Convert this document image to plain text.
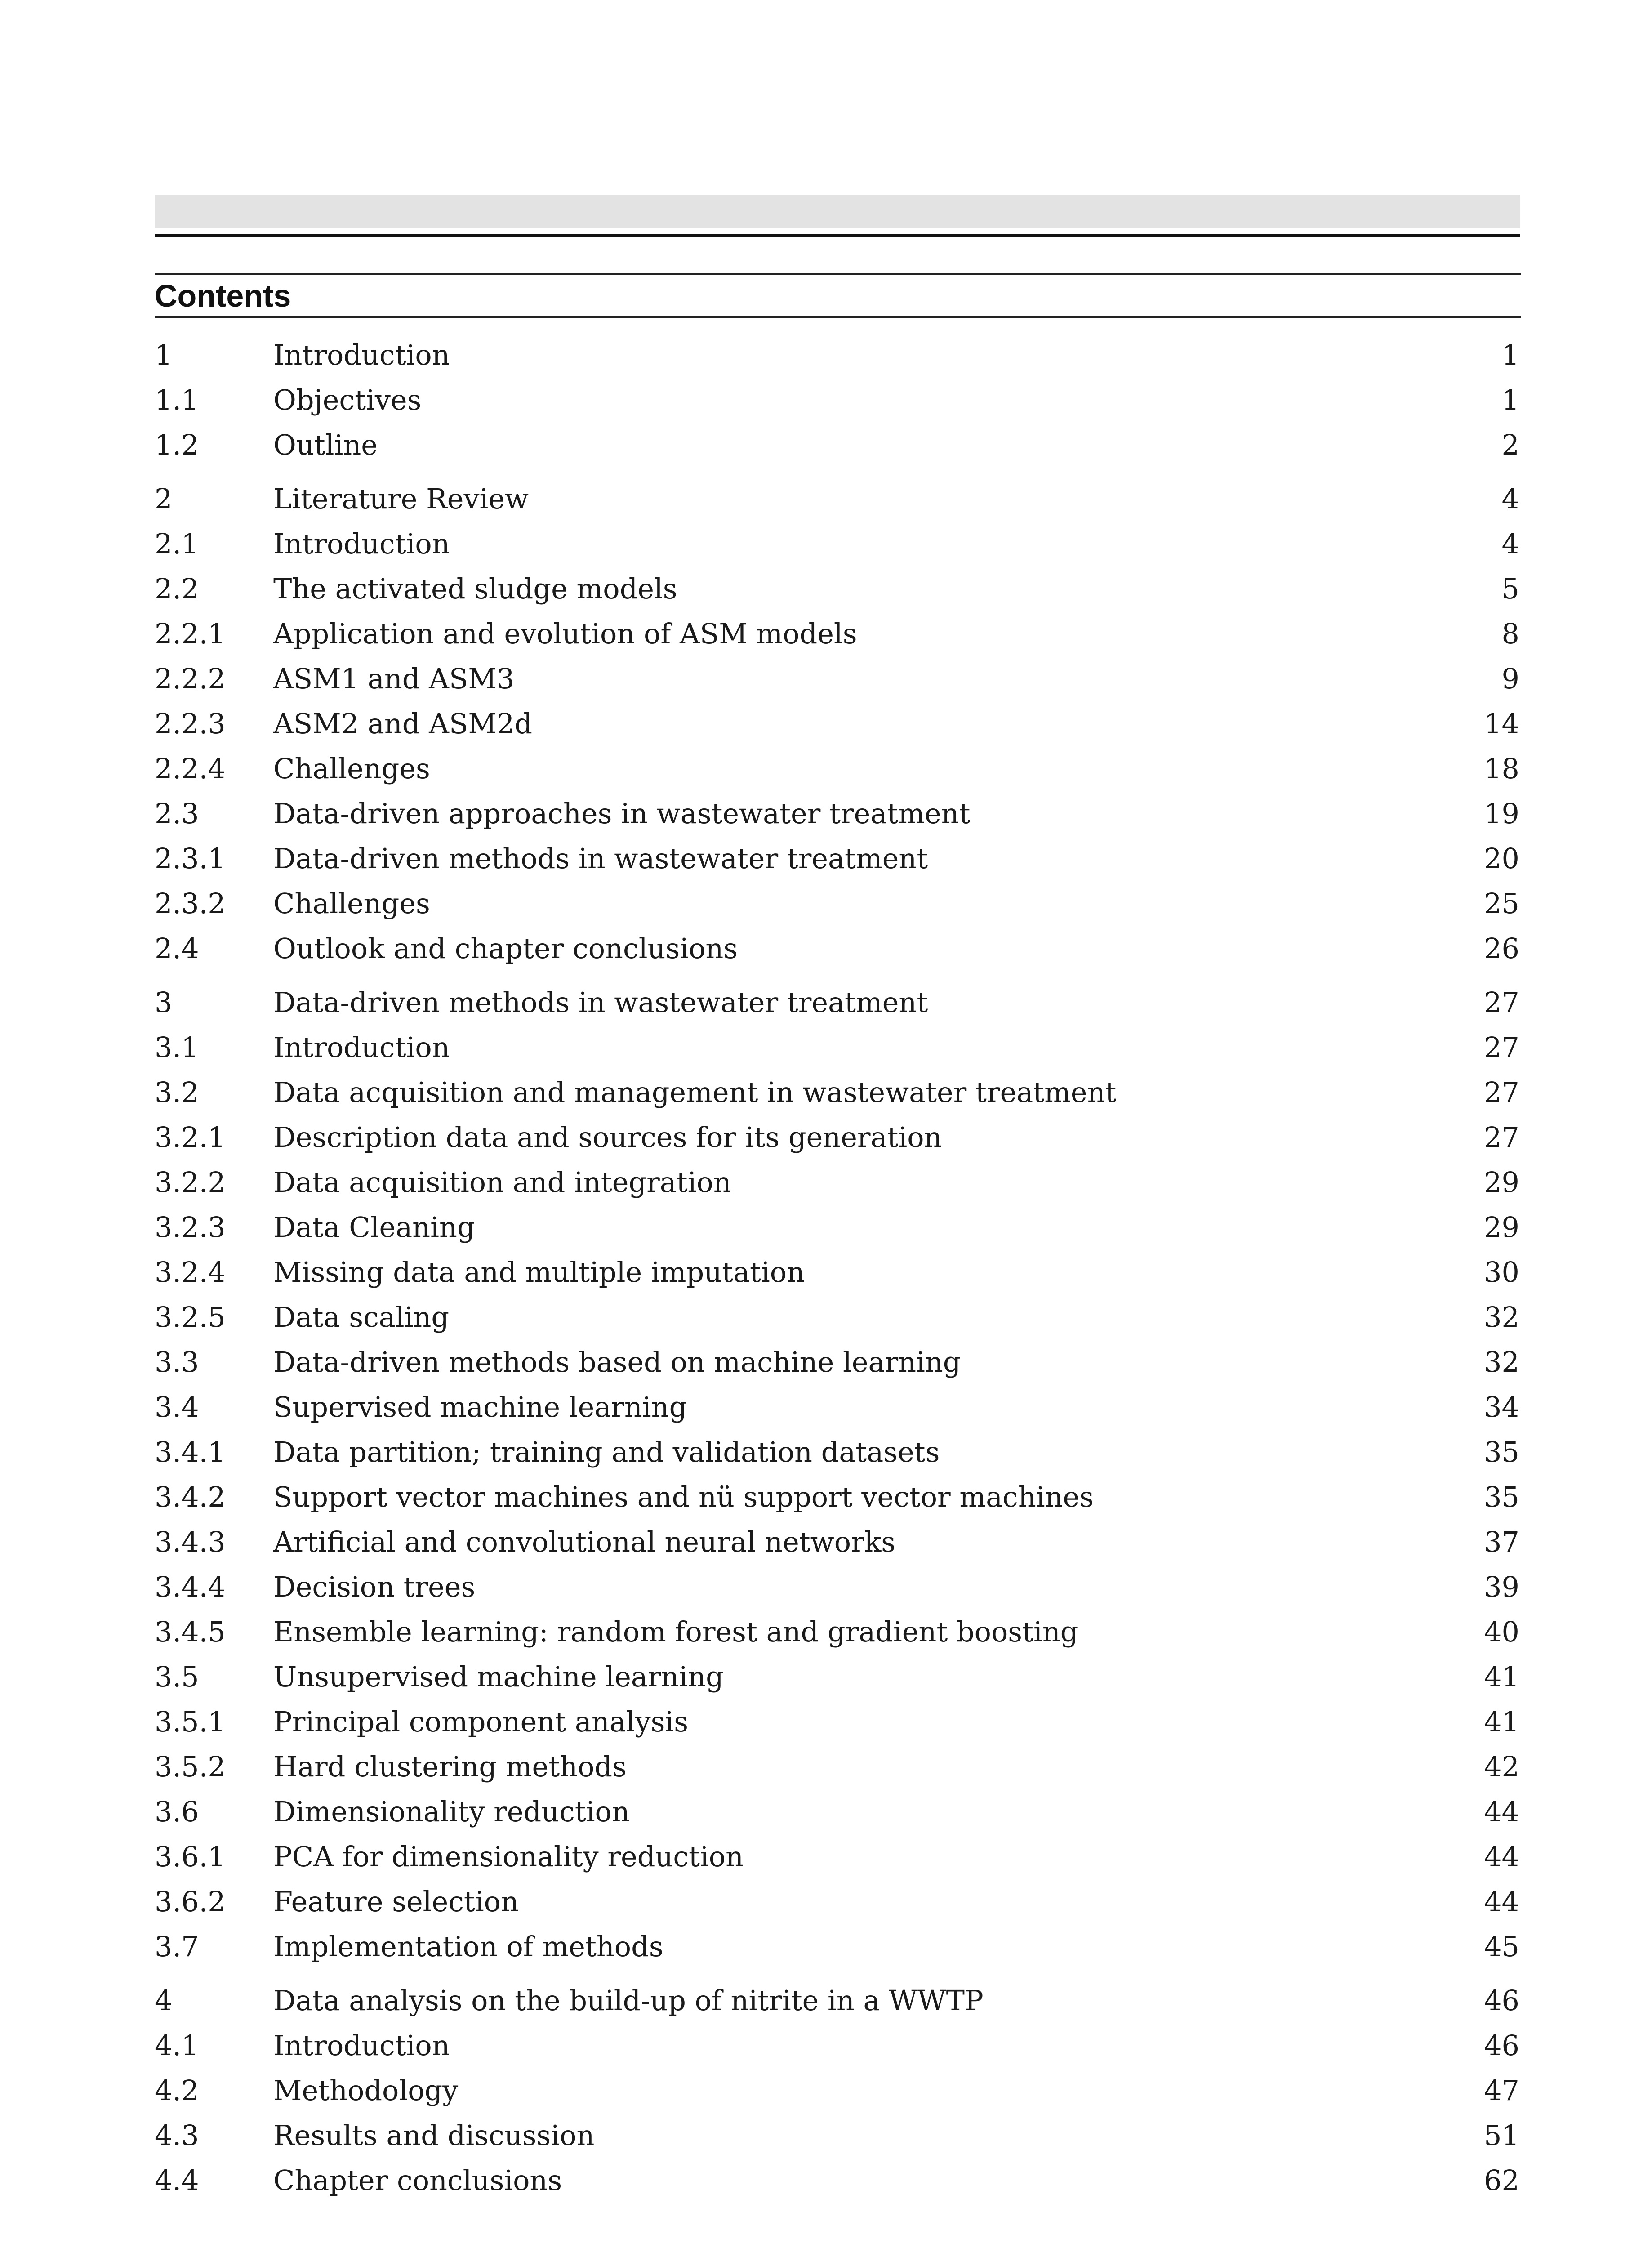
Contents
1	Introduction	1
1.1	Objectives	1
1.2	Outline	2
2	Literature Review	4
2.1	Introduction	4
2.2	The activated sludge models	5
2.2.1 Application and evolution of ASM models	8
2.2.2 ASM1 and ASM3	9
2.2.3 ASM2 and ASM2d	14
2.2.4 Challenges	18
2.3	Data-driven approaches in wastewater treatment	19
2.3.1 Data-driven methods in wastewater treatment	20
2.3.2 Challenges	25
2.4	Outlook and chapter conclusions	26
3	Data-driven methods in wastewater treatment	27
3.1	Introduction	27
3.2	Data acquisition and management in wastewater treatment	27
3.2.1 Description data and sources for its generation	27
3.2.2 Data acquisition and integration	29
3.2.3 Data Cleaning	29
3.2.4 Missing data and multiple imputation	30
3.2.5 Data scaling	32
3.3	Data-driven methods based on machine learning	32
3.4	Supervised machine learning	34
3.4.1 Data partition; training and validation datasets	35
3.4.2 Support vector machines and nü support vector machines	35
3.4.3 Artificial and convolutional neural networks	37
3.4.4 Decision trees	39
3.4.5 Ensemble learning: random forest and gradient boosting	40
3.5	Unsupervised machine learning	41
3.5.1 Principal component analysis	41
3.5.2 Hard clustering methods	42
3.6	Dimensionality reduction	44
3.6.1 PCA for dimensionality reduction	44
3.6.2 Feature selection	44
3.7	Implementation of methods	45
4	Data analysis on the build-up of nitrite in a WWTP	46
4.1	Introduction	46
4.2	Methodology	47
4.3	Results and discussion	51
4.4	Chapter conclusions	62
